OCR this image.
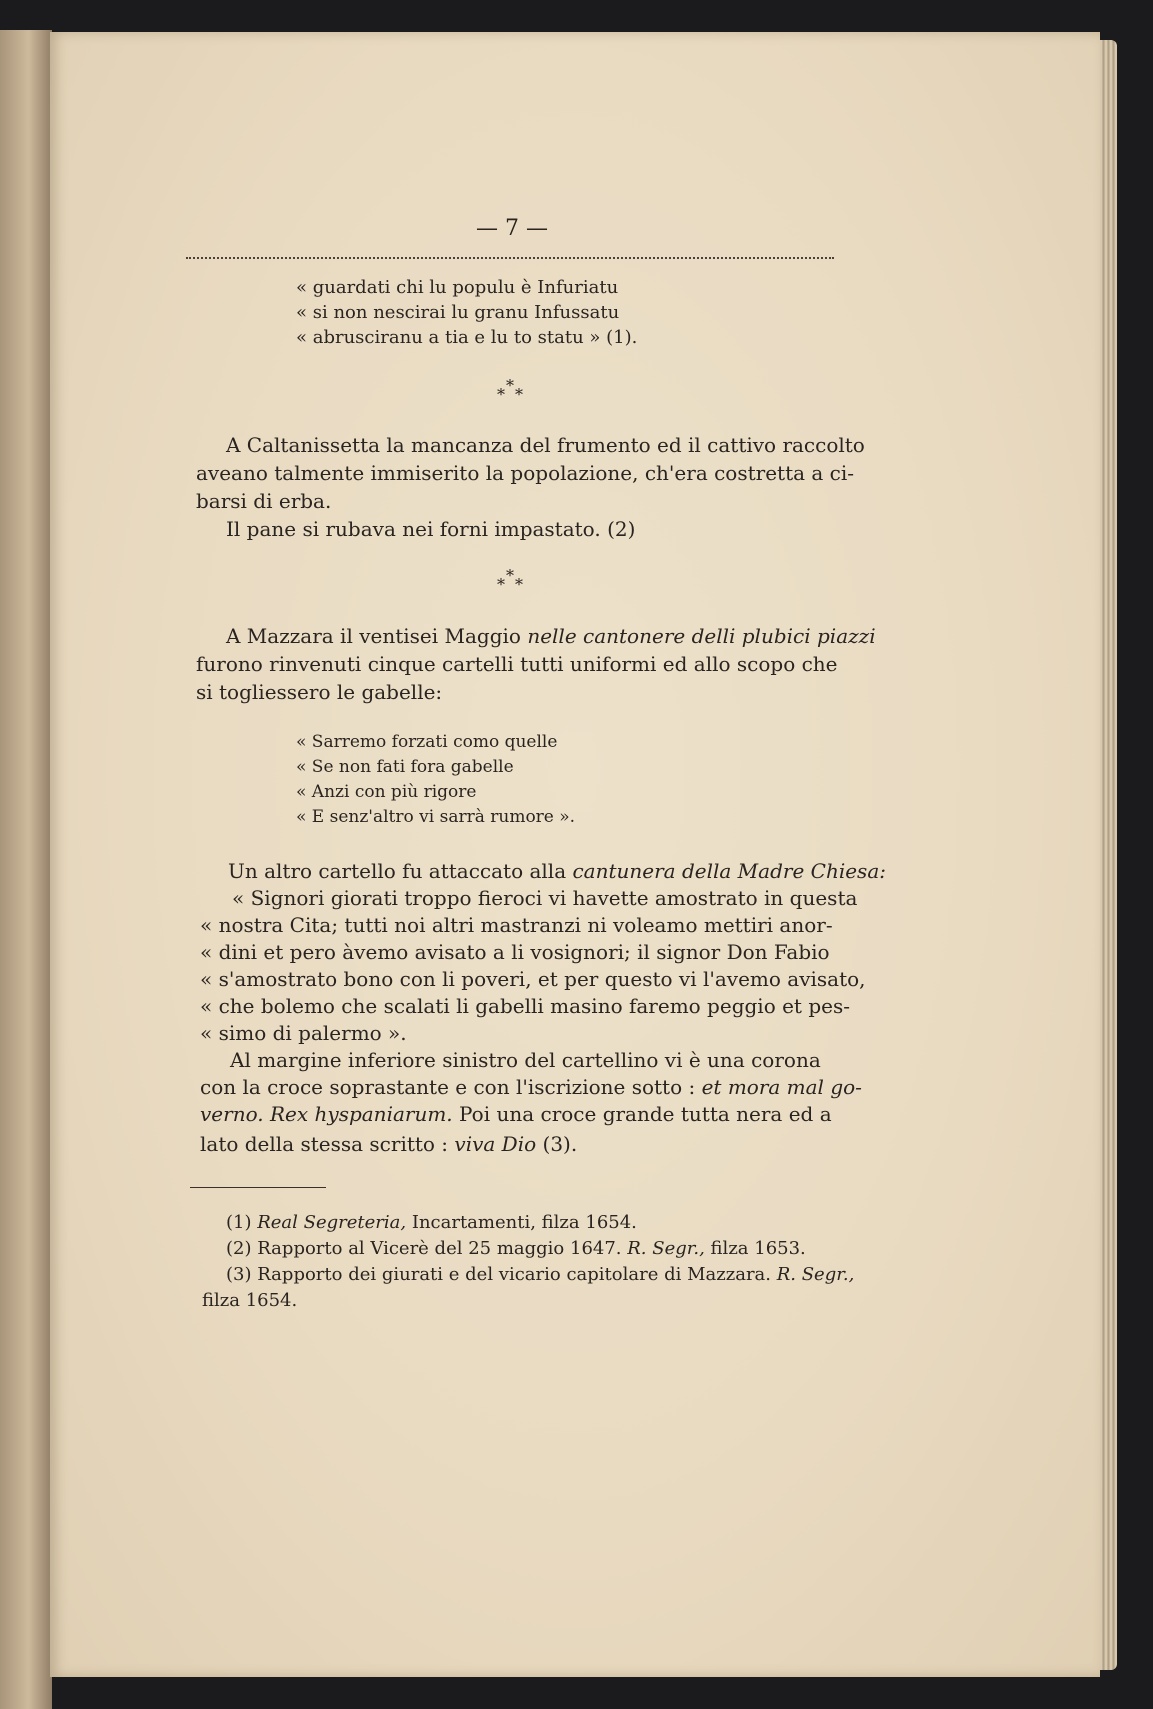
— 7 —
« guardati chi lu populu è Infuriatu
« si non nescirai lu granu Infussatu
« abrusciranu a tia e lu to statu » (1).
*
* *
A Caltanissetta la mancanza del frumento ed il cattivo raccolto
aveano talmente immiserito la popolazione, ch'era costretta a ci-
barsi di erba.
Il pane si rubava nei forni impastato. (2)
*
* *
A Mazzara il ventisei Maggio nelle cantonere delli plubici piazzi
furono rinvenuti cinque cartelli tutti uniformi ed allo scopo che
si togliessero le gabelle:
« Sarremo forzati como quelle
« Se non fati fora gabelle
« Anzi con più rigore
« E senz'altro vi sarrà rumore ».
Un altro cartello fu attaccato alla cantunera della Madre Chiesa:
« Signori giorati troppo fieroci vi havette amostrato in questa
« nostra Cita; tutti noi altri mastranzi ni voleamo mettiri anor-
« dini et pero àvemo avisato a li vosignori; il signor Don Fabio
« s'amostrato bono con li poveri, et per questo vi l'avemo avisato,
« che bolemo che scalati li gabelli masino faremo peggio et pes-
« simo di palermo ».
Al margine inferiore sinistro del cartellino vi è una corona
con la croce soprastante e con l'iscrizione sotto : et mora mal go-
verno. Rex hyspaniarum. Poi una croce grande tutta nera ed a
lato della stessa scritto : viva Dio (3).
(1) Real Segreteria, Incartamenti, filza 1654.
(2) Rapporto al Vicerè del 25 maggio 1647. R. Segr., filza 1653.
(3) Rapporto dei giurati e del vicario capitolare di Mazzara. R. Segr.,
filza 1654.
